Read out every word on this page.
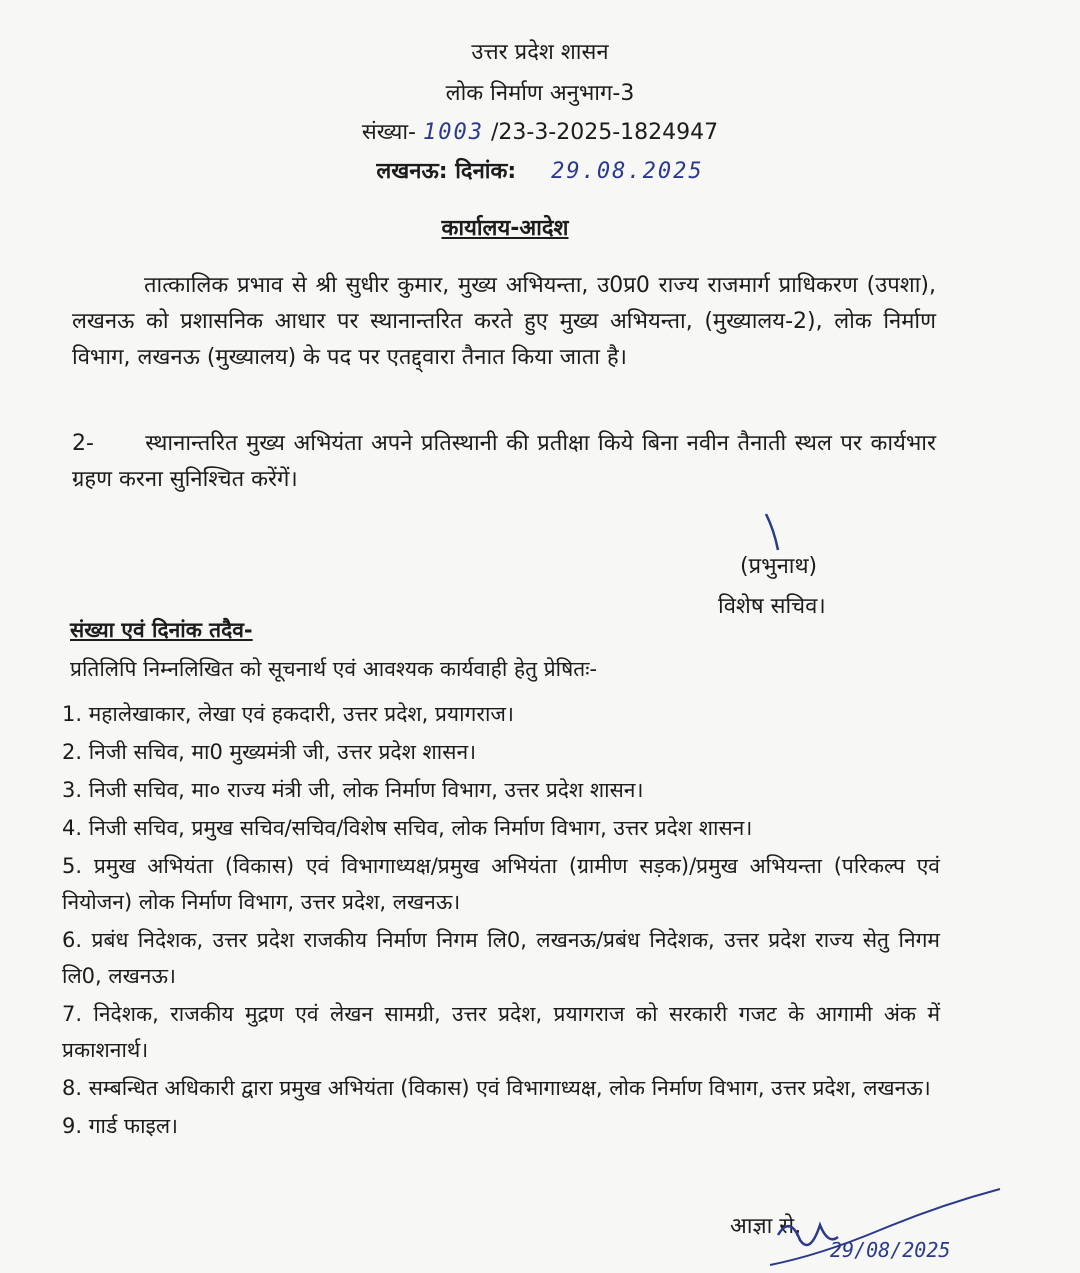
उत्तर प्रदेश शासन
लोक निर्माण अनुभाग-3
संख्या- 1003 /23-3-2025-1824947
लखनऊ: दिनांक: 29.08.2025
कार्यालय-आदेश
तात्कालिक प्रभाव से श्री सुधीर कुमार, मुख्य अभियन्ता, उ0प्र0 राज्य राजमार्ग प्राधिकरण (उपशा), लखनऊ को प्रशासनिक आधार पर स्थानान्तरित करते हुए मुख्य अभियन्ता, (मुख्यालय-2), लोक निर्माण विभाग, लखनऊ (मुख्यालय) के पद पर एतद्द्वारा तैनात किया जाता है।
2- स्थानान्तरित मुख्य अभियंता अपने प्रतिस्थानी की प्रतीक्षा किये बिना नवीन तैनाती स्थल पर कार्यभार ग्रहण करना सुनिश्चित करेंगें।
(प्रभुनाथ)
विशेष सचिव।
संख्या एवं दिनांक तदैव-
प्रतिलिपि निम्नलिखित को सूचनार्थ एवं आवश्यक कार्यवाही हेतु प्रेषितः-
1. महालेखाकार, लेखा एवं हकदारी, उत्तर प्रदेश, प्रयागराज।
2. निजी सचिव, मा0 मुख्यमंत्री जी, उत्तर प्रदेश शासन।
3. निजी सचिव, मा० राज्य मंत्री जी, लोक निर्माण विभाग, उत्तर प्रदेश शासन।
4. निजी सचिव, प्रमुख सचिव/सचिव/विशेष सचिव, लोक निर्माण विभाग, उत्तर प्रदेश शासन।
5. प्रमुख अभियंता (विकास) एवं विभागाध्यक्ष/प्रमुख अभियंता (ग्रामीण सड़क)/प्रमुख अभियन्ता (परिकल्प एवं नियोजन) लोक निर्माण विभाग, उत्तर प्रदेश, लखनऊ।
6. प्रबंध निदेशक, उत्तर प्रदेश राजकीय निर्माण निगम लि0, लखनऊ/प्रबंध निदेशक, उत्तर प्रदेश राज्य सेतु निगम लि0, लखनऊ।
7. निदेशक, राजकीय मुद्रण एवं लेखन सामग्री, उत्तर प्रदेश, प्रयागराज को सरकारी गजट के आगामी अंक में प्रकाशनार्थ।
8. सम्बन्धित अधिकारी द्वारा प्रमुख अभियंता (विकास) एवं विभागाध्यक्ष, लोक निर्माण विभाग, उत्तर प्रदेश, लखनऊ।
9. गार्ड फाइल।
आज्ञा से,
29/08/2025
